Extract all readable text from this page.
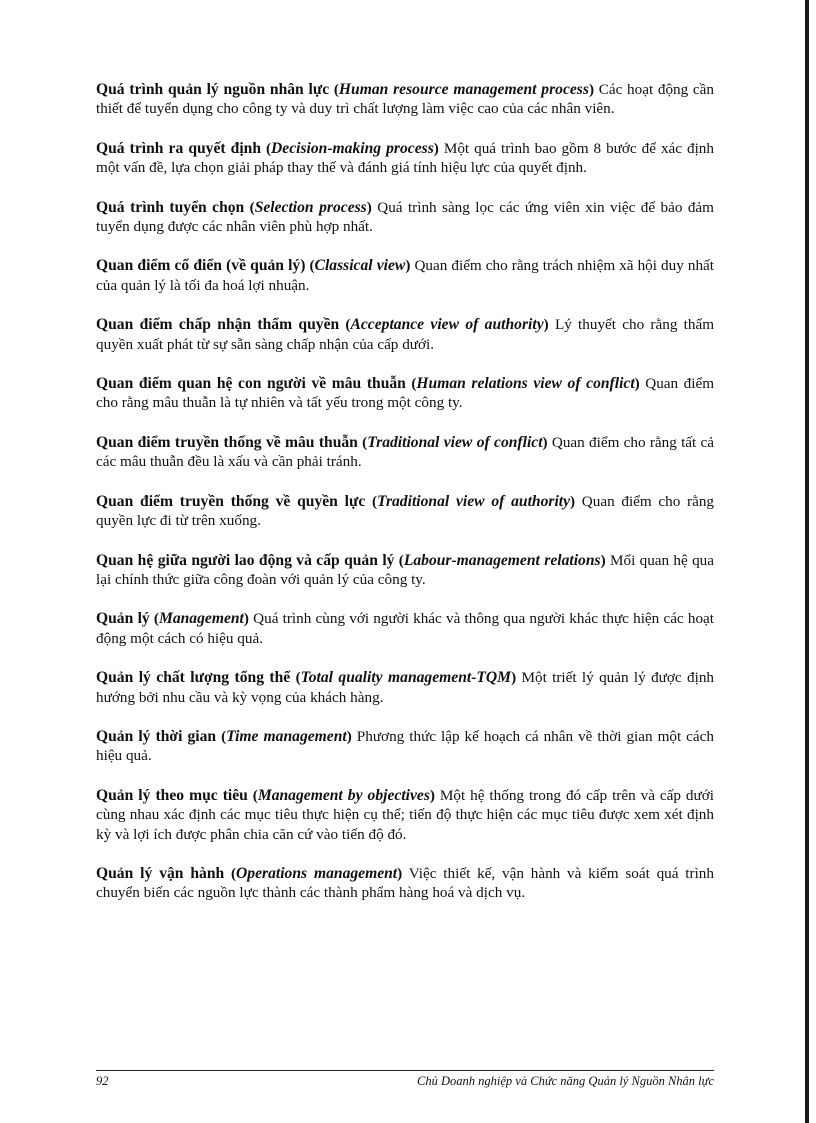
Quá trình quản lý nguồn nhân lực (Human resource management process) Các hoạt động cần thiết để tuyển dụng cho công ty và duy trì chất lượng làm việc cao của các nhân viên.

Quá trình ra quyết định (Decision-making process) Một quá trình bao gồm 8 bước để xác định một vấn đề, lựa chọn giải pháp thay thế và đánh giá tính hiệu lực của quyết định.

Quá trình tuyển chọn (Selection process) Quá trình sàng lọc các ứng viên xin việc để bảo đảm tuyển dụng được các nhân viên phù hợp nhất.

Quan điểm cổ điển (về quản lý) (Classical view) Quan điểm cho rằng trách nhiệm xã hội duy nhất của quản lý là tối đa hoá lợi nhuận.

Quan điểm chấp nhận thẩm quyền (Acceptance view of authority) Lý thuyết cho rằng thẩm quyền xuất phát từ sự sẵn sàng chấp nhận của cấp dưới.

Quan điểm quan hệ con người về mâu thuẫn (Human relations view of conflict) Quan điểm cho rằng mâu thuẫn là tự nhiên và tất yếu trong một công ty.

Quan điểm truyền thống về mâu thuẫn (Traditional view of conflict) Quan điểm cho rằng tất cả các mâu thuẫn đều là xấu và cần phải tránh.

Quan điểm truyền thống về quyền lực (Traditional view of authority) Quan điểm cho rằng quyền lực đi từ trên xuống.

Quan hệ giữa người lao động và cấp quản lý (Labour-management relations) Mối quan hệ qua lại chính thức giữa công đoàn với quản lý của công ty.

Quản lý (Management) Quá trình cùng với người khác và thông qua người khác thực hiện các hoạt động một cách có hiệu quả.

Quản lý chất lượng tổng thể (Total quality management-TQM) Một triết lý quản lý được định hướng bởi nhu cầu và kỳ vọng của khách hàng.

Quản lý thời gian (Time management) Phương thức lập kế hoạch cá nhân về thời gian một cách hiệu quả.

Quản lý theo mục tiêu (Management by objectives) Một hệ thống trong đó cấp trên và cấp dưới cùng nhau xác định các mục tiêu thực hiện cụ thể; tiến độ thực hiện các mục tiêu được xem xét định kỳ và lợi ích được phân chia căn cứ vào tiến độ đó.

Quản lý vận hành (Operations management) Việc thiết kế, vận hành và kiểm soát quá trình chuyển biến các nguồn lực thành các thành phẩm hàng hoá và dịch vụ.

92	Chủ Doanh nghiệp và Chức năng Quản lý Nguồn Nhân lực
